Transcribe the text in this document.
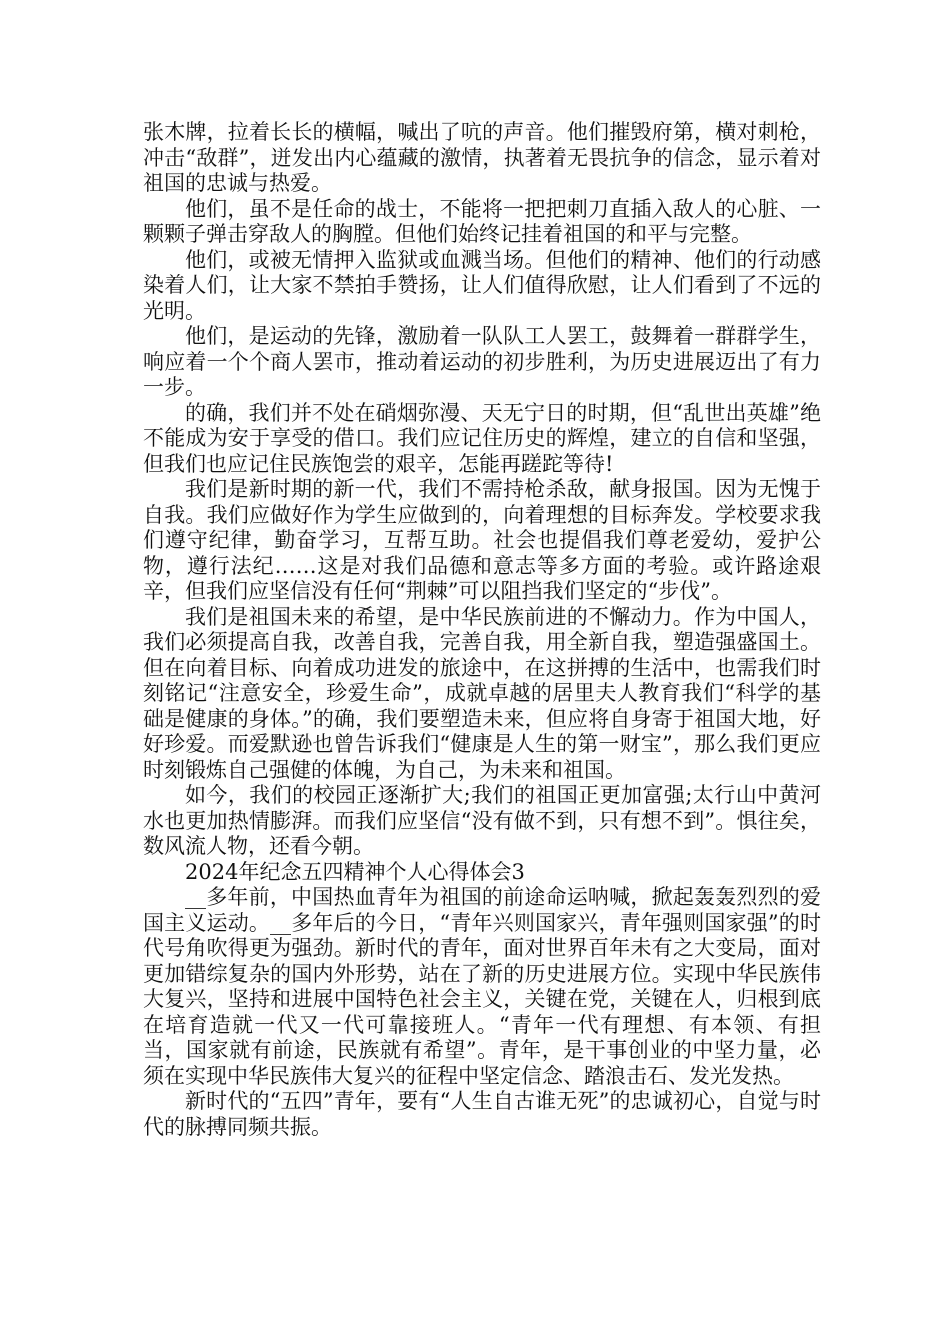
张木牌，拉着长长的横幅，喊出了吭的声音。他们摧毁府第，横对刺枪，冲击“敌群”，迸发出内心蕴藏的激情，执著着无畏抗争的信念，显示着对祖国的忠诚与热爱。

他们，虽不是任命的战士，不能将一把把刺刀直插入敌人的心脏、一颗颗子弹击穿敌人的胸膛。但他们始终记挂着祖国的和平与完整。

他们，或被无情押入监狱或血溅当场。但他们的精神、他们的行动感染着人们，让大家不禁拍手赞扬，让人们值得欣慰，让人们看到了不远的光明。

他们，是运动的先锋，激励着一队队工人罢工，鼓舞着一群群学生，响应着一个个商人罢市，推动着运动的初步胜利，为历史进展迈出了有力一步。

的确，我们并不处在硝烟弥漫、天无宁日的时期，但“乱世出英雄”绝不能成为安于享受的借口。我们应记住历史的辉煌，建立的自信和坚强，但我们也应记住民族饱尝的艰辛，怎能再蹉跎等待!

我们是新时期的新一代，我们不需持枪杀敌，献身报国。因为无愧于自我。我们应做好作为学生应做到的，向着理想的目标奔发。学校要求我们遵守纪律，勤奋学习，互帮互助。社会也提倡我们尊老爱幼，爱护公物，遵行法纪……这是对我们品德和意志等多方面的考验。或许路途艰辛，但我们应坚信没有任何“荆棘”可以阻挡我们坚定的“步伐”。

我们是祖国未来的希望，是中华民族前进的不懈动力。作为中国人，我们必须提高自我，改善自我，完善自我，用全新自我，塑造强盛国土。但在向着目标、向着成功进发的旅途中，在这拼搏的生活中，也需我们时刻铭记“注意安全，珍爱生命”，成就卓越的居里夫人教育我们“科学的基础是健康的身体。”的确，我们要塑造未来，但应将自身寄于祖国大地，好好珍爱。而爱默逊也曾告诉我们“健康是人生的第一财宝”，那么我们更应时刻锻炼自己强健的体魄，为自己，为未来和祖国。

如今，我们的校园正逐渐扩大;我们的祖国正更加富强;太行山中黄河水也更加热情膨湃。而我们应坚信“没有做不到，只有想不到”。惧往矣，数风流人物，还看今朝。

2024年纪念五四精神个人心得体会3

__多年前，中国热血青年为祖国的前途命运呐喊，掀起轰轰烈烈的爱国主义运动。__多年后的今日，“青年兴则国家兴，青年强则国家强”的时代号角吹得更为强劲。新时代的青年，面对世界百年未有之大变局，面对更加错综复杂的国内外形势，站在了新的历史进展方位。实现中华民族伟大复兴，坚持和进展中国特色社会主义，关键在党，关键在人，归根到底在培育造就一代又一代可靠接班人。“青年一代有理想、有本领、有担当，国家就有前途，民族就有希望”。青年，是干事创业的中坚力量，必须在实现中华民族伟大复兴的征程中坚定信念、踏浪击石、发光发热。

新时代的“五四”青年，要有“人生自古谁无死”的忠诚初心，自觉与时代的脉搏同频共振。
